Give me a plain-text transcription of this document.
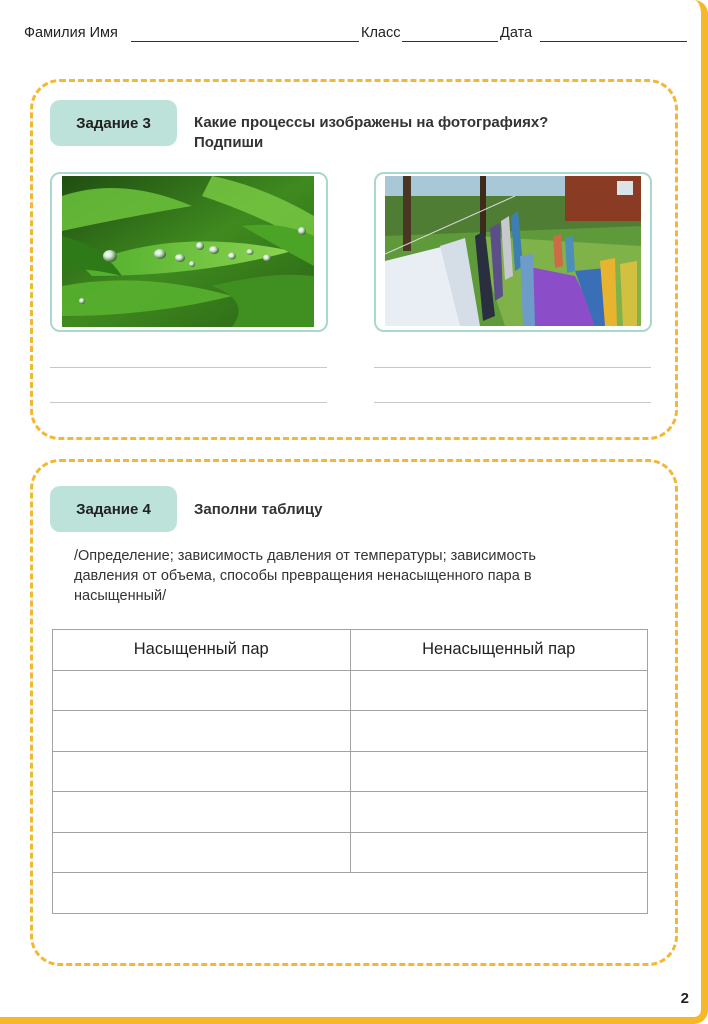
Фамилия Имя	Класс	Дата
Задание 3	Какие процессы изображены на фотографиях?
Подпиши
Задание 4	Заполни таблицу
/Определение; зависимость давления от температуры; зависимость
давления от объема, способы превращения ненасыщенного пара в
насыщенный/
Насыщенный пар	Ненасыщенный пар

2
